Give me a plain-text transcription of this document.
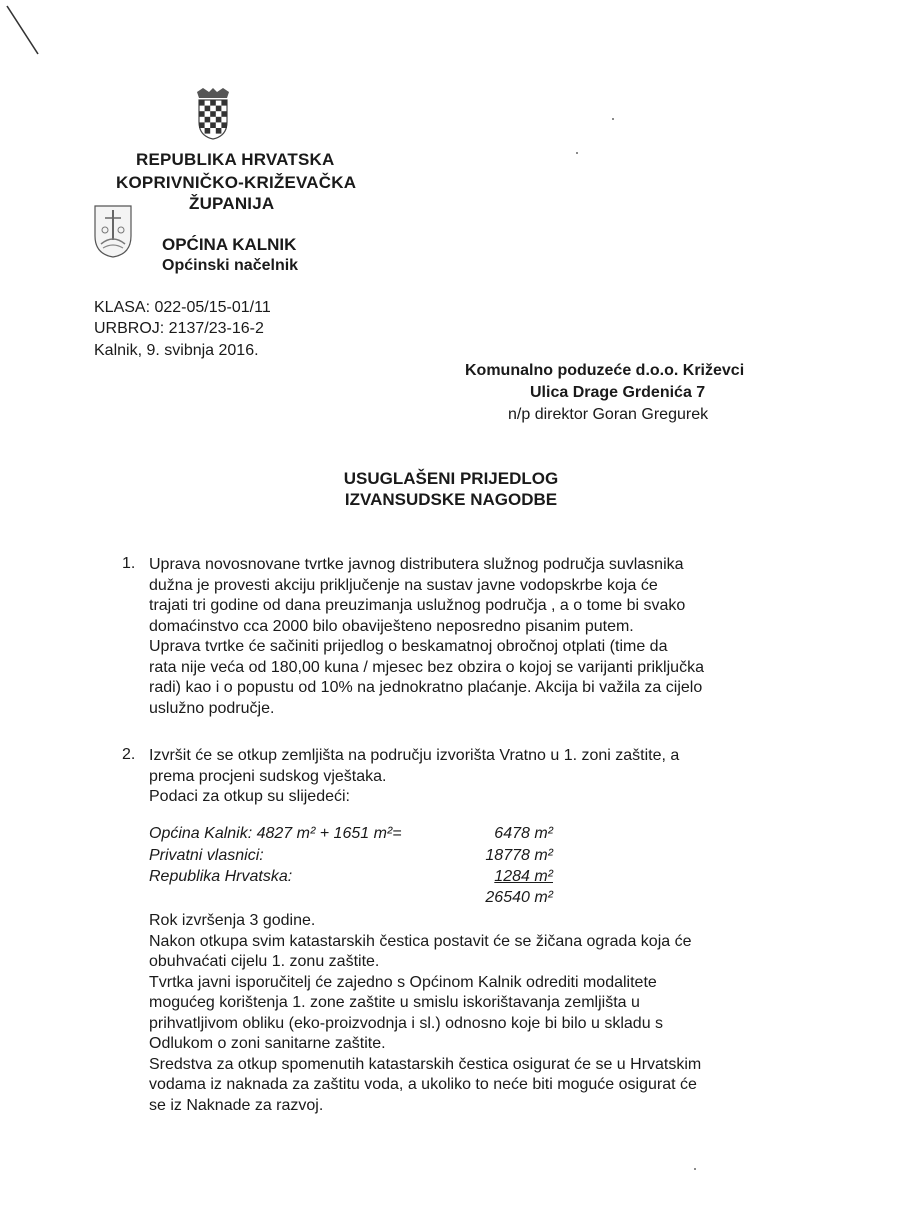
REPUBLIKA HRVATSKA
KOPRIVNIČKO-KRIŽEVAČKA
ŽUPANIJA
OPĆINA KALNIK
Općinski načelnik
KLASA: 022-05/15-01/11
URBROJ: 2137/23-16-2
Kalnik, 9. svibnja 2016.
Komunalno poduzeće d.o.o. Križevci
Ulica Drage Grdenića 7
n/p direktor Goran Gregurek
USUGLAŠENI PRIJEDLOG
IZVANSUDSKE NAGODBE
1. Uprava novosnovane tvrtke javnog distributera služnog područja suvlasnika
dužna je provesti akciju priključenje na sustav javne vodopskrbe koja će
trajati tri godine od dana preuzimanja uslužnog područja , a o tome bi svako
domaćinstvo cca 2000 bilo obaviješteno neposredno pisanim putem.
Uprava tvrtke će sačiniti prijedlog o beskamatnoj obročnoj otplati (time da
rata nije veća od 180,00 kuna / mjesec bez obzira o kojoj se varijanti priključka
radi) kao i o popustu od 10% na jednokratno plaćanje. Akcija bi važila za cijelo
uslužno područje.
2. Izvršit će se otkup zemljišta na području izvorišta Vratno u 1. zoni zaštite, a
prema procjeni sudskog vještaka.
Podaci za otkup su slijedeći:
Općina Kalnik: 4827 m² + 1651 m²=	6478 m²
Privatni vlasnici:	18778 m²
Republika Hrvatska:	1284 m²
26540 m²
Rok izvršenja 3 godine.
Nakon otkupa svim katastarskih čestica postavit će se žičana ograda koja će
obuhvaćati cijelu 1. zonu zaštite.
Tvrtka javni isporučitelj će zajedno s Općinom Kalnik odrediti modalitete
mogućeg korištenja 1. zone zaštite u smislu iskorištavanja zemljišta u
prihvatljivom obliku (eko-proizvodnja i sl.) odnosno koje bi bilo u skladu s
Odlukom o zoni sanitarne zaštite.
Sredstva za otkup spomenutih katastarskih čestica osigurat će se u Hrvatskim
vodama iz naknada za zaštitu voda, a ukoliko to neće biti moguće osigurat će
se iz Naknade za razvoj.
